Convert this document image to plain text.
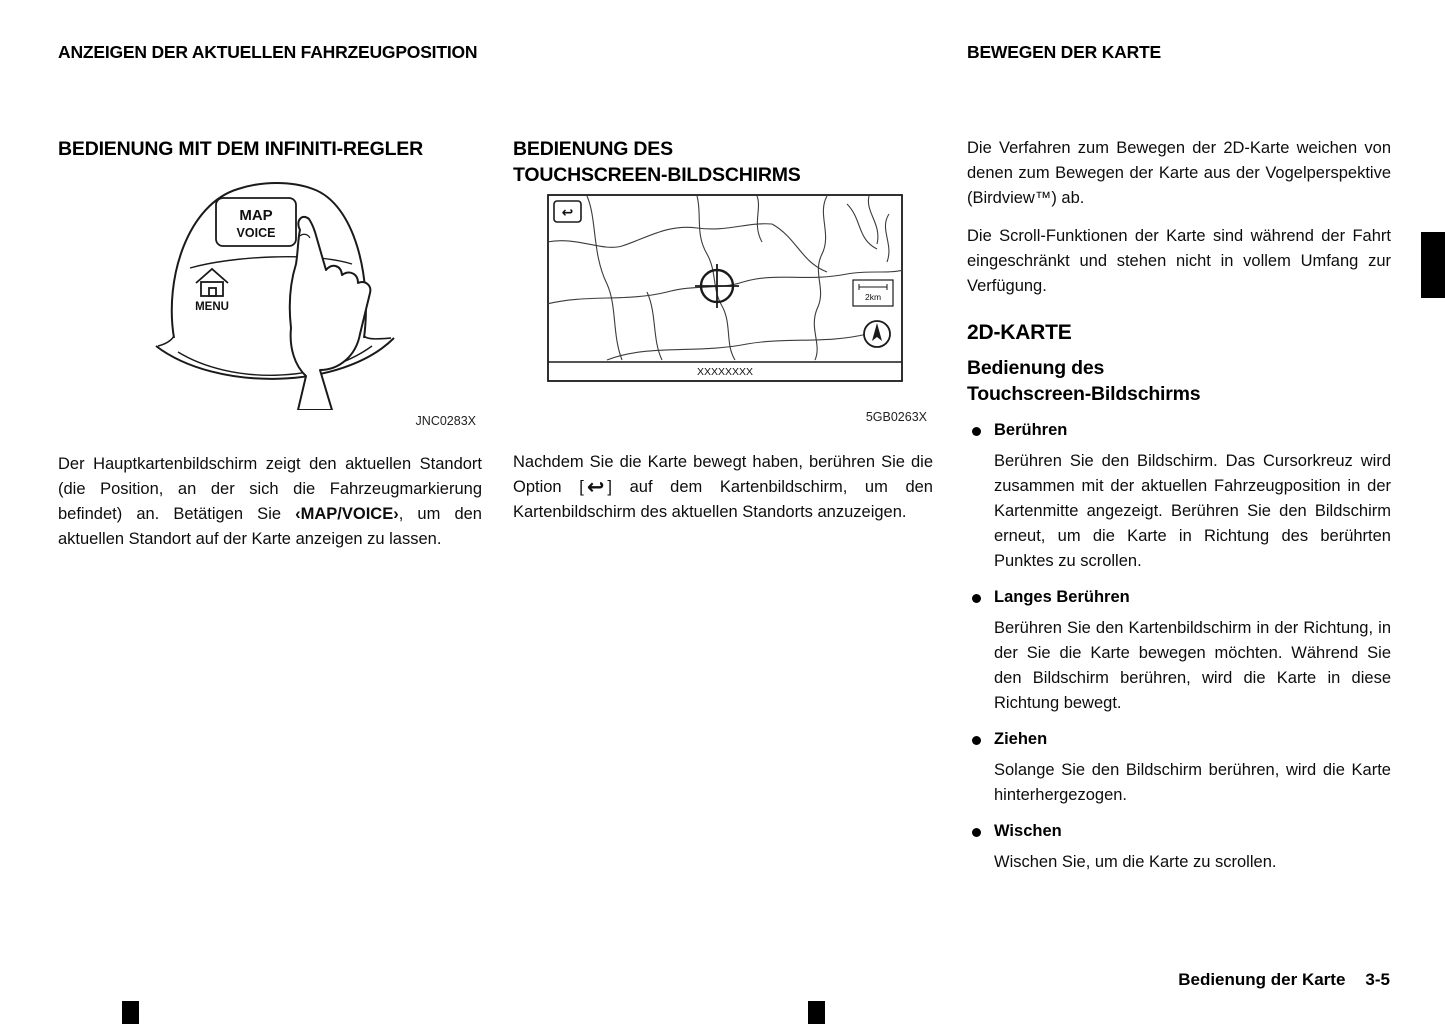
ANZEIGEN DER AKTUELLEN FAHRZEUGPOSITION	BEWEGEN DER KARTE
BEDIENUNG MIT DEM INFINITI-REGLER
MAP
VOICE
MENU
JNC0283X

Der Hauptkartenbildschirm zeigt den aktuellen Standort (die Position, an der sich die Fahrzeugmarkierung befindet) an. Betätigen Sie ‹MAP/VOICE›, um den aktuellen Standort auf der Karte anzeigen zu lassen.

BEDIENUNG DES
TOUCHSCREEN-BILDSCHIRMS
↩
2km
XXXXXXXX
5GB0263X

Nachdem Sie die Karte bewegt haben, berühren Sie die Option [ ↩ ] auf dem Kartenbildschirm, um den Kartenbildschirm des aktuellen Standorts anzuzeigen.

Die Verfahren zum Bewegen der 2D-Karte weichen von denen zum Bewegen der Karte aus der Vogelperspektive (Birdview™) ab.

Die Scroll-Funktionen der Karte sind während der Fahrt eingeschränkt und stehen nicht in vollem Umfang zur Verfügung.

2D-KARTE
Bedienung des
Touchscreen-Bildschirms
Berühren

Berühren Sie den Bildschirm. Das Cursorkreuz wird zusammen mit der aktuellen Fahrzeugposition in der Kartenmitte angezeigt. Berühren Sie den Bildschirm erneut, um die Karte in Richtung des berührten Punktes zu scrollen.

Langes Berühren

Berühren Sie den Kartenbildschirm in der Richtung, in der Sie die Karte bewegen möchten. Während Sie den Bildschirm berühren, wird die Karte in diese Richtung bewegt.

Ziehen

Solange Sie den Bildschirm berühren, wird die Karte hinterhergezogen.

Wischen

Wischen Sie, um die Karte zu scrollen.

Bedienung der Karte 3-5
